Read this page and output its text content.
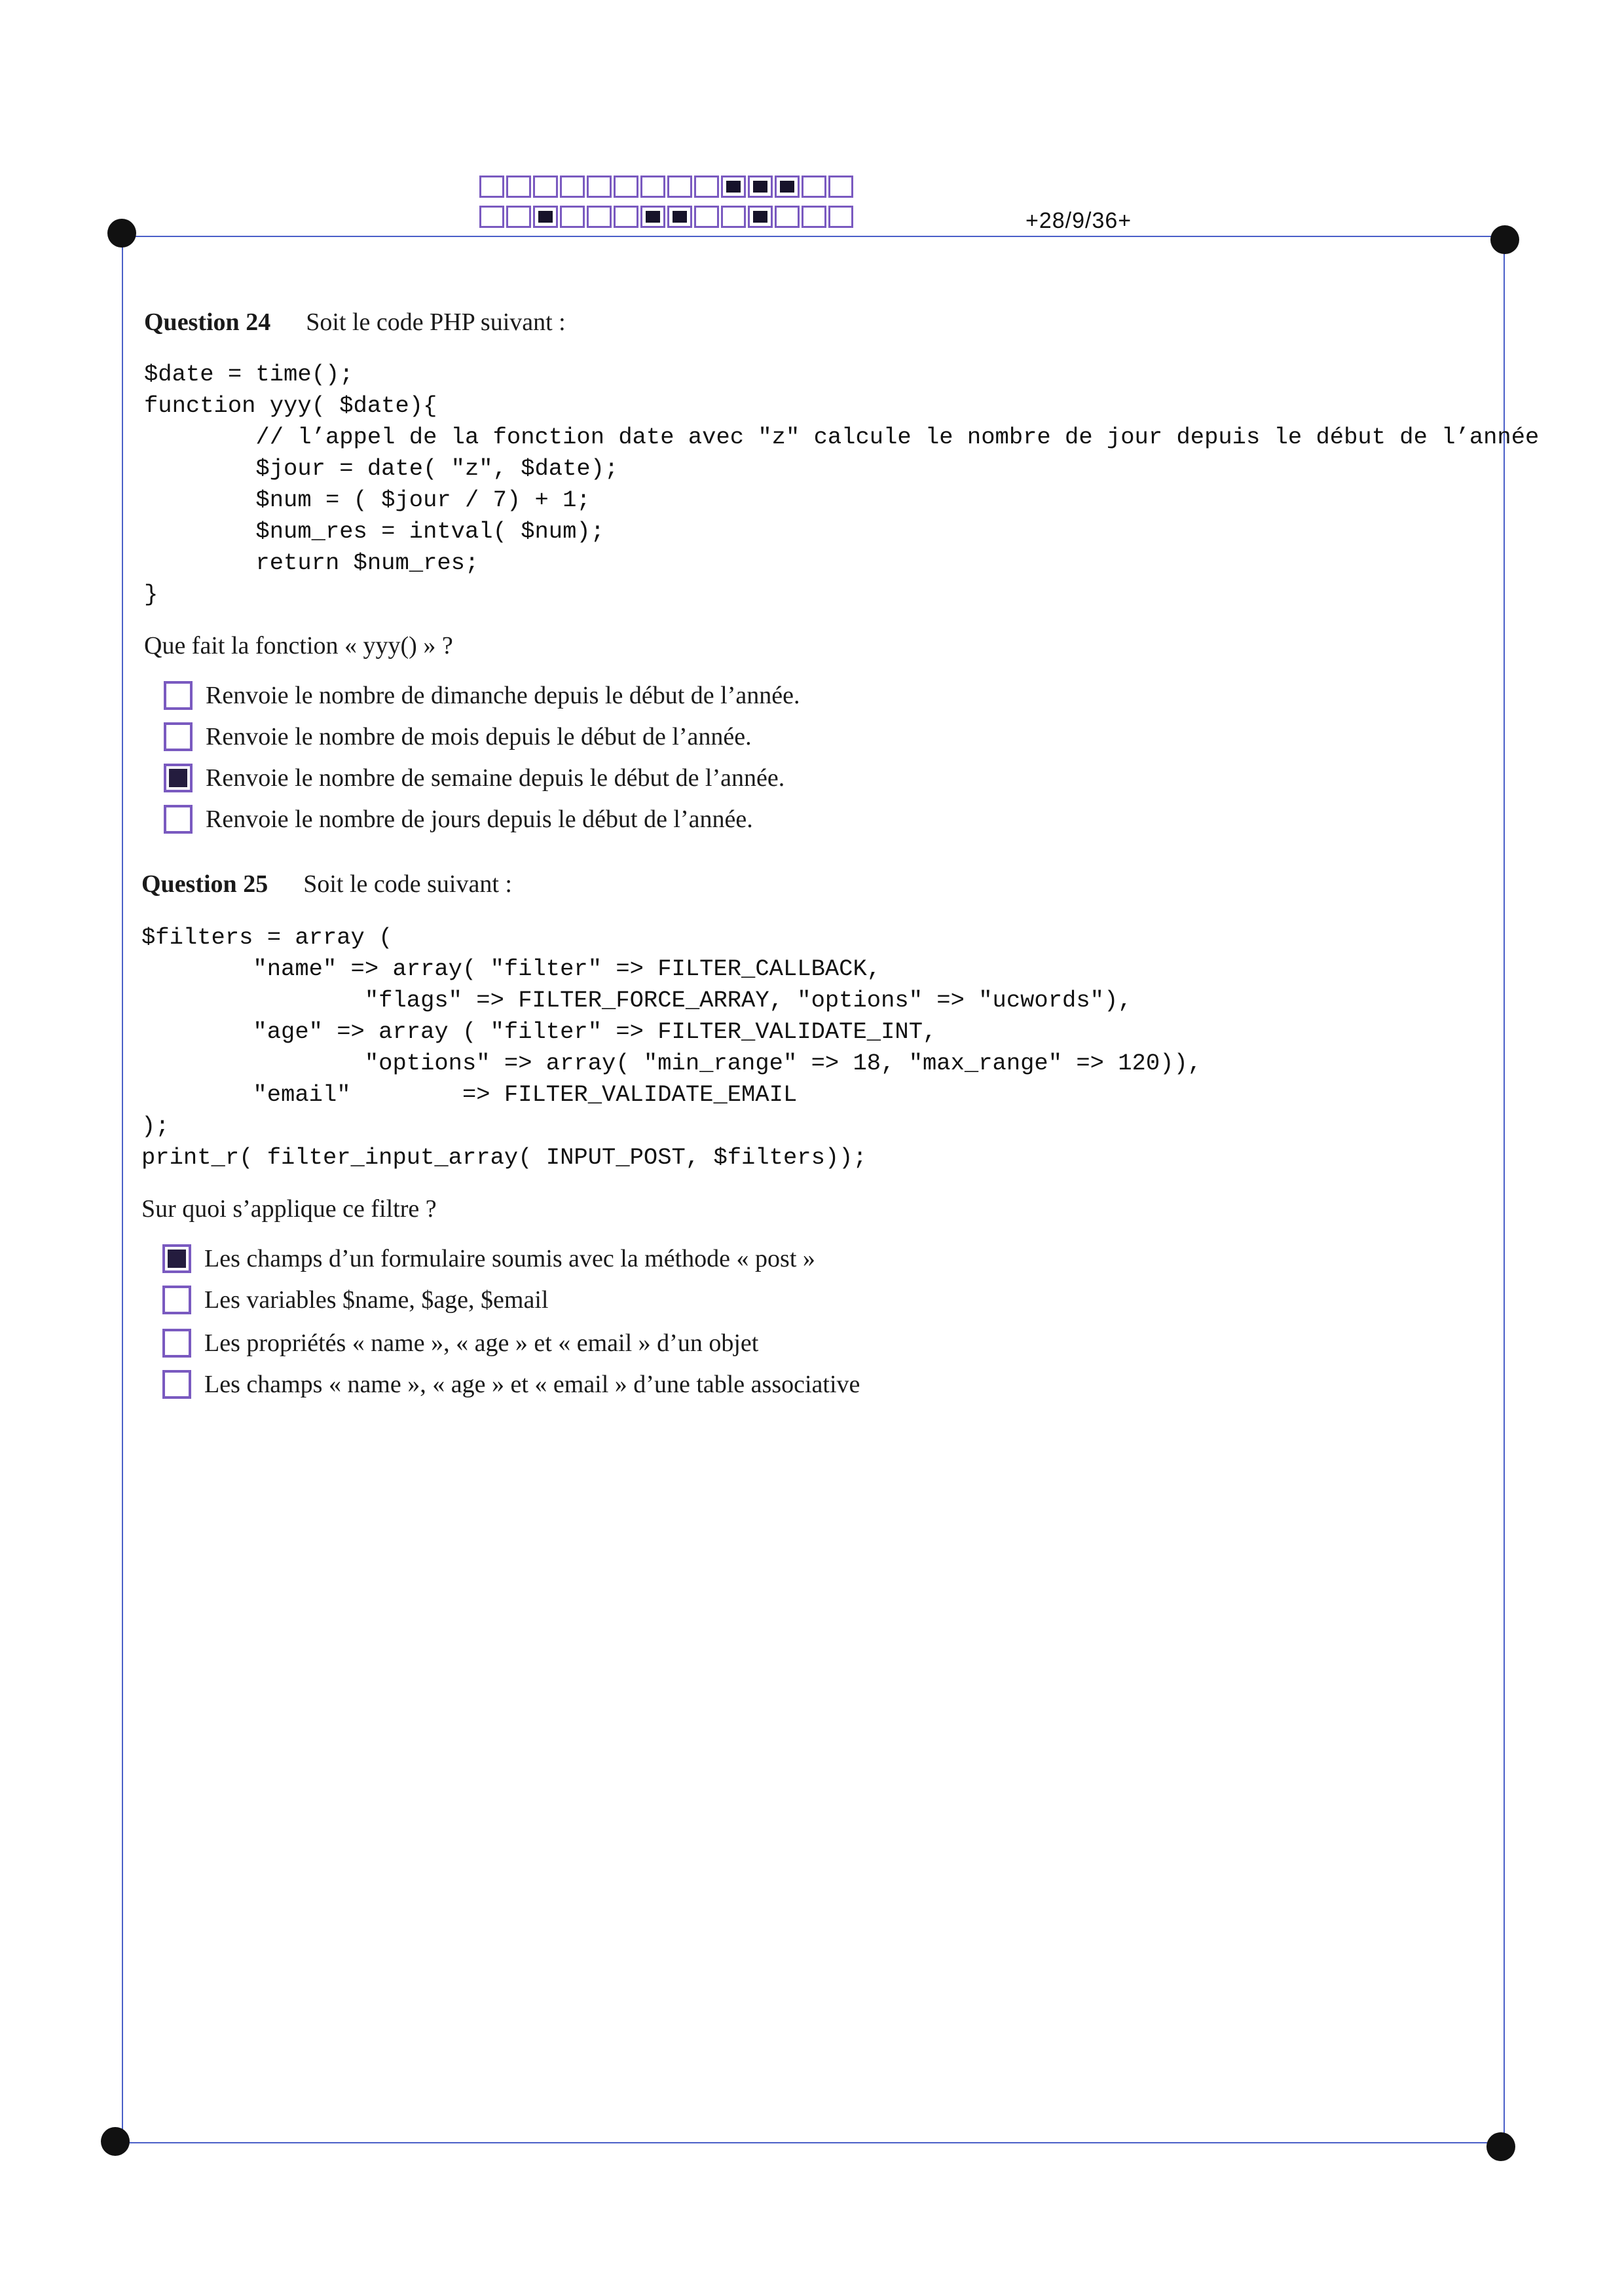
+28/9/36+
Question 24 Soit le code PHP suivant :
$date = time();
function yyy( $date){
// l’appel de la fonction date avec "z" calcule le nombre de jour depuis le début de l’année
$jour = date( "z", $date);
$num = ( $jour / 7) + 1;
$num_res = intval( $num);
return $num_res;
}
Que fait la fonction « yyy() » ?
Renvoie le nombre de dimanche depuis le début de l’année.
Renvoie le nombre de mois depuis le début de l’année.
Renvoie le nombre de semaine depuis le début de l’année.
Renvoie le nombre de jours depuis le début de l’année.
Question 25 Soit le code suivant :
$filters = array (
"name" => array( "filter" => FILTER_CALLBACK,
"flags" => FILTER_FORCE_ARRAY, "options" => "ucwords"),
"age" => array ( "filter" => FILTER_VALIDATE_INT,
"options" => array( "min_range" => 18, "max_range" => 120)),
"email"        => FILTER_VALIDATE_EMAIL
);
print_r( filter_input_array( INPUT_POST, $filters));
Sur quoi s’applique ce filtre ?
Les champs d’un formulaire soumis avec la méthode « post »
Les variables $name, $age, $email
Les propriétés « name », « age » et « email » d’un objet
Les champs « name », « age » et « email » d’une table associative
